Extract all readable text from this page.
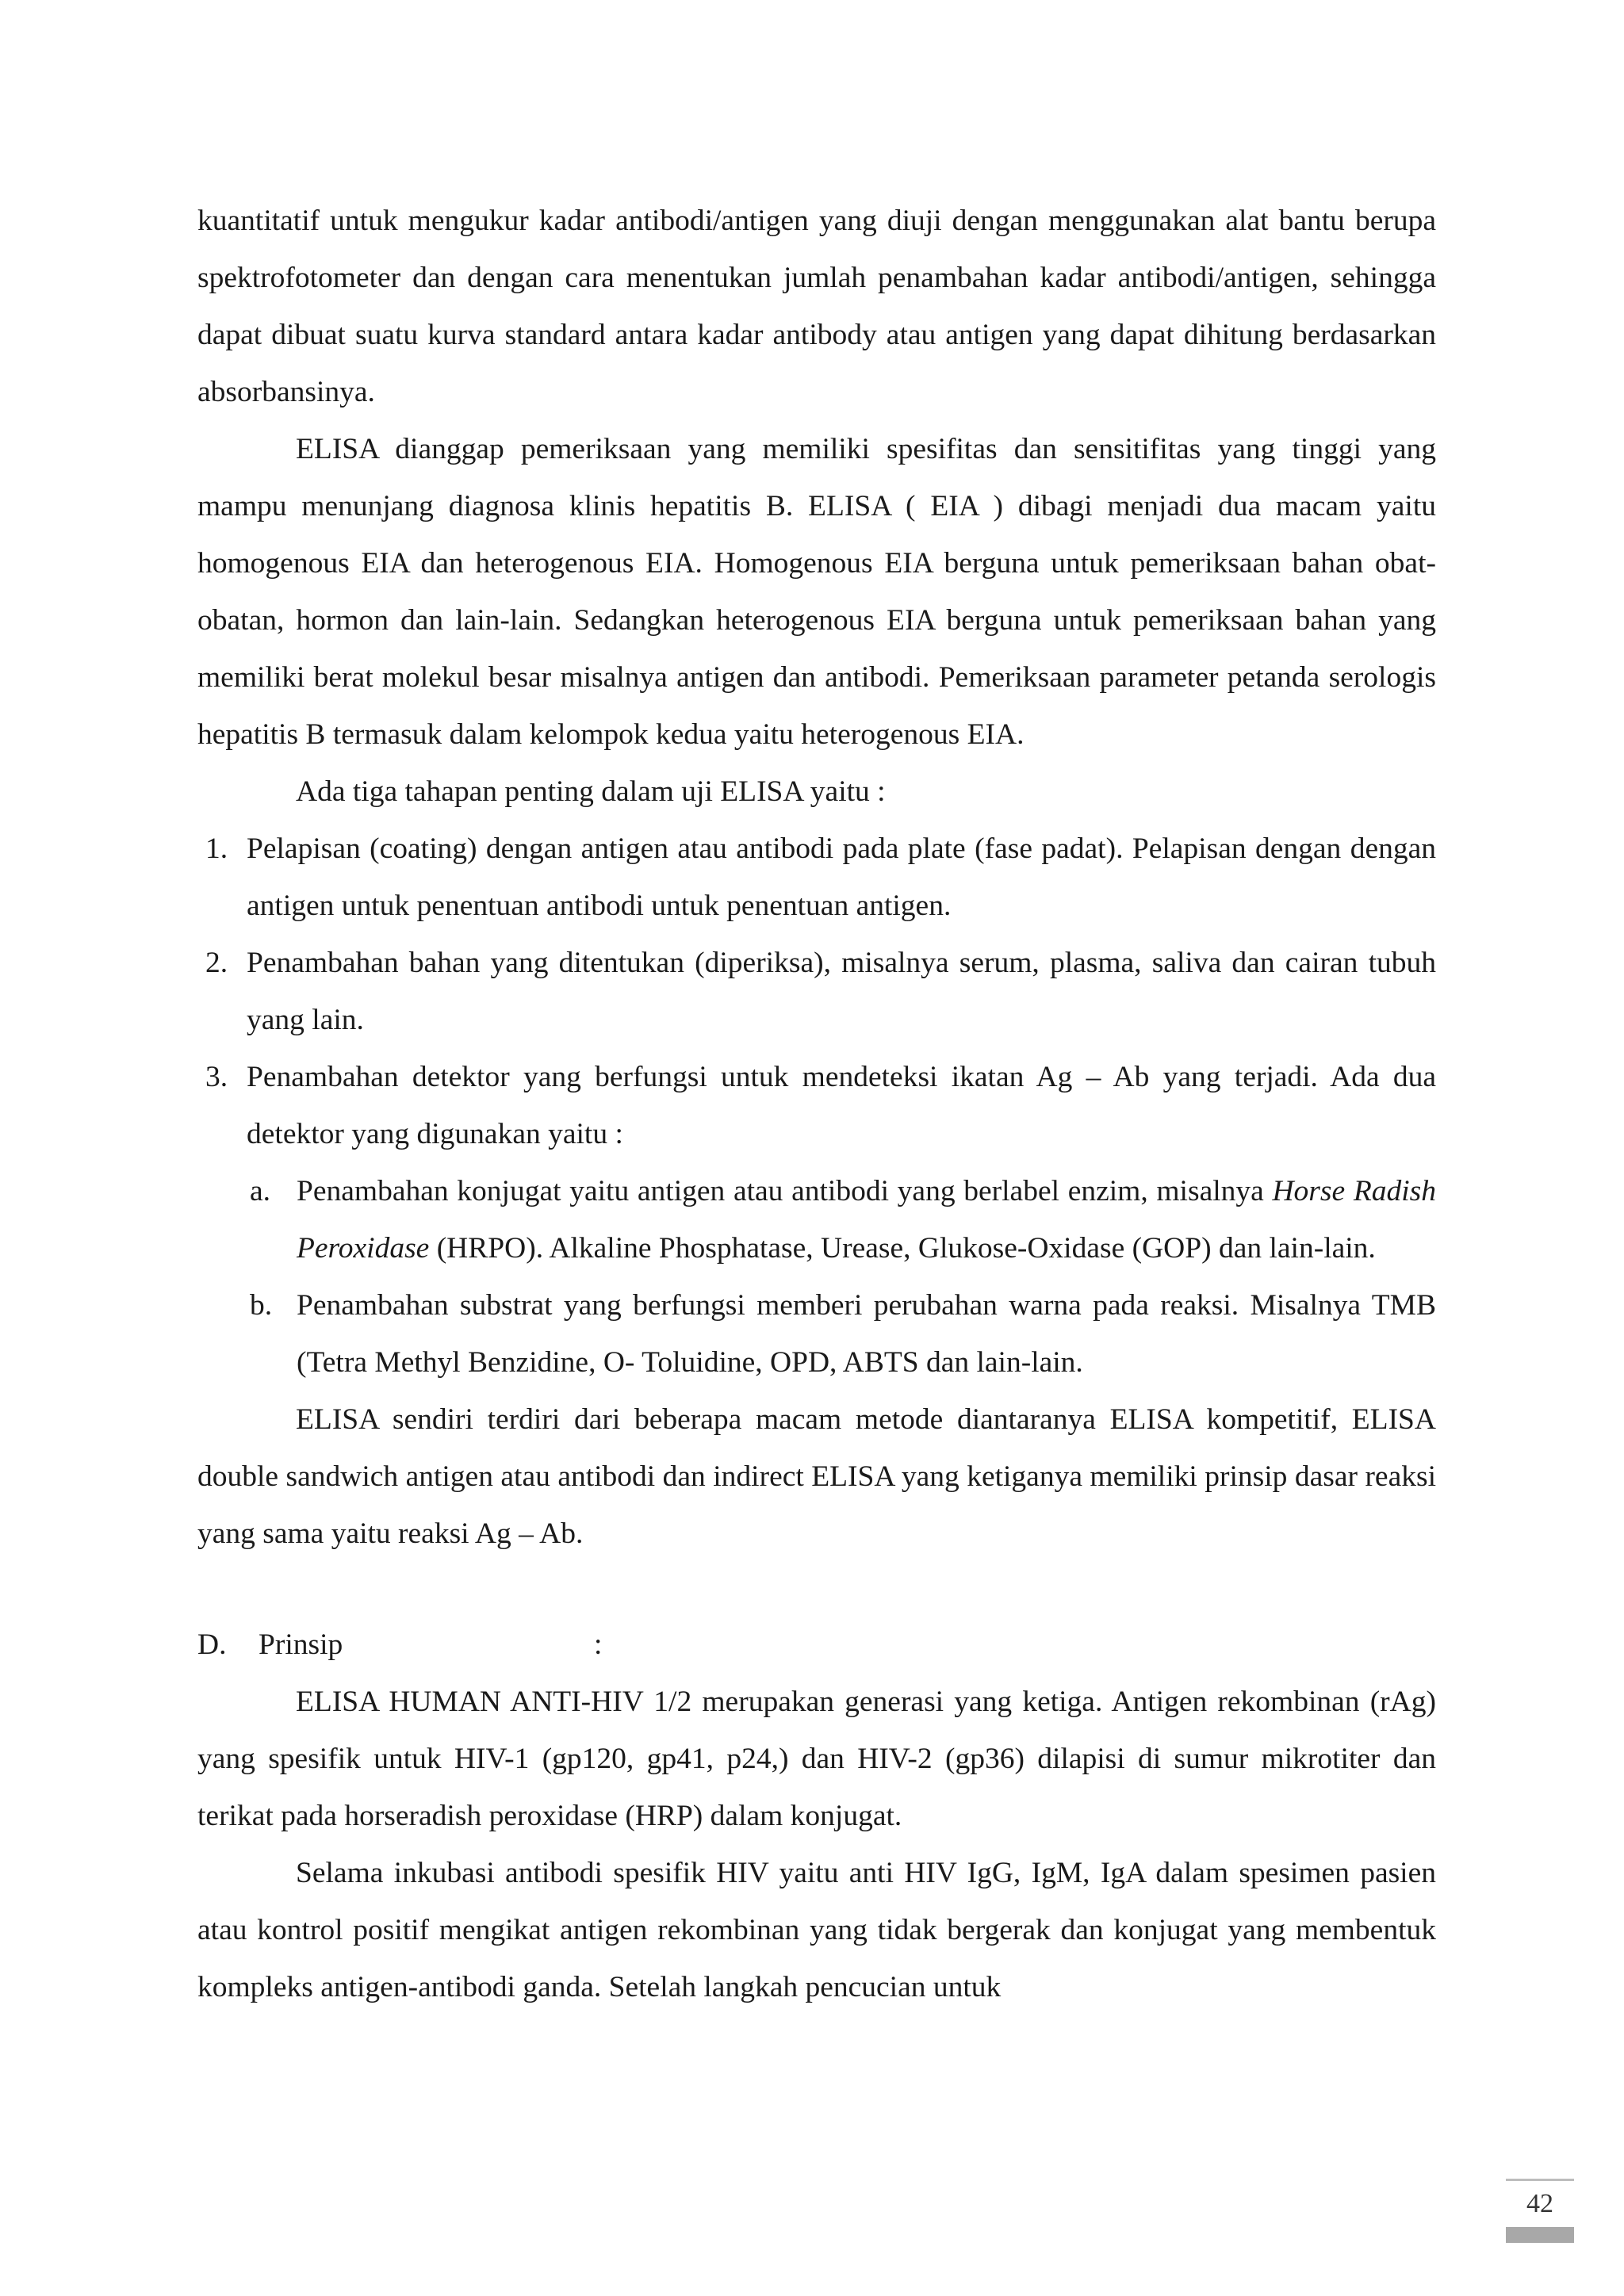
kuantitatif untuk mengukur kadar antibodi/antigen yang diuji dengan menggunakan alat bantu berupa spektrofotometer dan dengan cara menentukan jumlah penambahan kadar antibodi/antigen, sehingga dapat dibuat suatu kurva standard antara kadar antibody atau antigen yang dapat dihitung berdasarkan absorbansinya.

ELISA dianggap pemeriksaan yang memiliki spesifitas dan sensitifitas yang tinggi yang mampu menunjang diagnosa klinis hepatitis B. ELISA ( EIA ) dibagi menjadi dua macam yaitu homogenous EIA dan heterogenous EIA. Homogenous EIA berguna untuk pemeriksaan bahan obat-obatan, hormon dan lain-lain. Sedangkan heterogenous EIA berguna untuk pemeriksaan bahan yang memiliki berat molekul besar misalnya antigen dan antibodi. Pemeriksaan parameter petanda serologis hepatitis B termasuk dalam kelompok kedua yaitu heterogenous EIA.

Ada tiga tahapan penting dalam uji ELISA yaitu :

1. Pelapisan (coating) dengan antigen atau antibodi pada plate (fase padat). Pelapisan dengan dengan antigen untuk penentuan antibodi untuk penentuan antigen.
2. Penambahan bahan yang ditentukan (diperiksa), misalnya serum, plasma, saliva dan cairan tubuh yang lain.
3. Penambahan detektor yang berfungsi untuk mendeteksi ikatan Ag – Ab yang terjadi. Ada dua detektor yang digunakan yaitu :
a. Penambahan konjugat yaitu antigen atau antibodi yang berlabel enzim, misalnya Horse Radish Peroxidase (HRPO). Alkaline Phosphatase, Urease, Glukose-Oxidase (GOP) dan lain-lain.
b. Penambahan substrat yang berfungsi memberi perubahan warna pada reaksi. Misalnya TMB (Tetra Methyl Benzidine, O- Toluidine, OPD, ABTS dan lain-lain.

ELISA sendiri terdiri dari beberapa macam metode diantaranya ELISA kompetitif, ELISA double sandwich antigen atau antibodi dan indirect ELISA yang ketiganya memiliki prinsip dasar reaksi yang sama yaitu reaksi Ag – Ab.

D. Prinsip	:

ELISA HUMAN ANTI-HIV 1/2 merupakan generasi yang ketiga. Antigen rekombinan (rAg) yang spesifik untuk HIV-1 (gp120, gp41, p24,) dan HIV-2 (gp36) dilapisi di sumur mikrotiter dan terikat pada horseradish peroxidase (HRP) dalam konjugat.

Selama inkubasi antibodi spesifik HIV yaitu anti HIV IgG, IgM, IgA dalam spesimen pasien atau kontrol positif mengikat antigen rekombinan yang tidak bergerak dan konjugat yang membentuk kompleks antigen-antibodi ganda. Setelah langkah pencucian untuk

42
